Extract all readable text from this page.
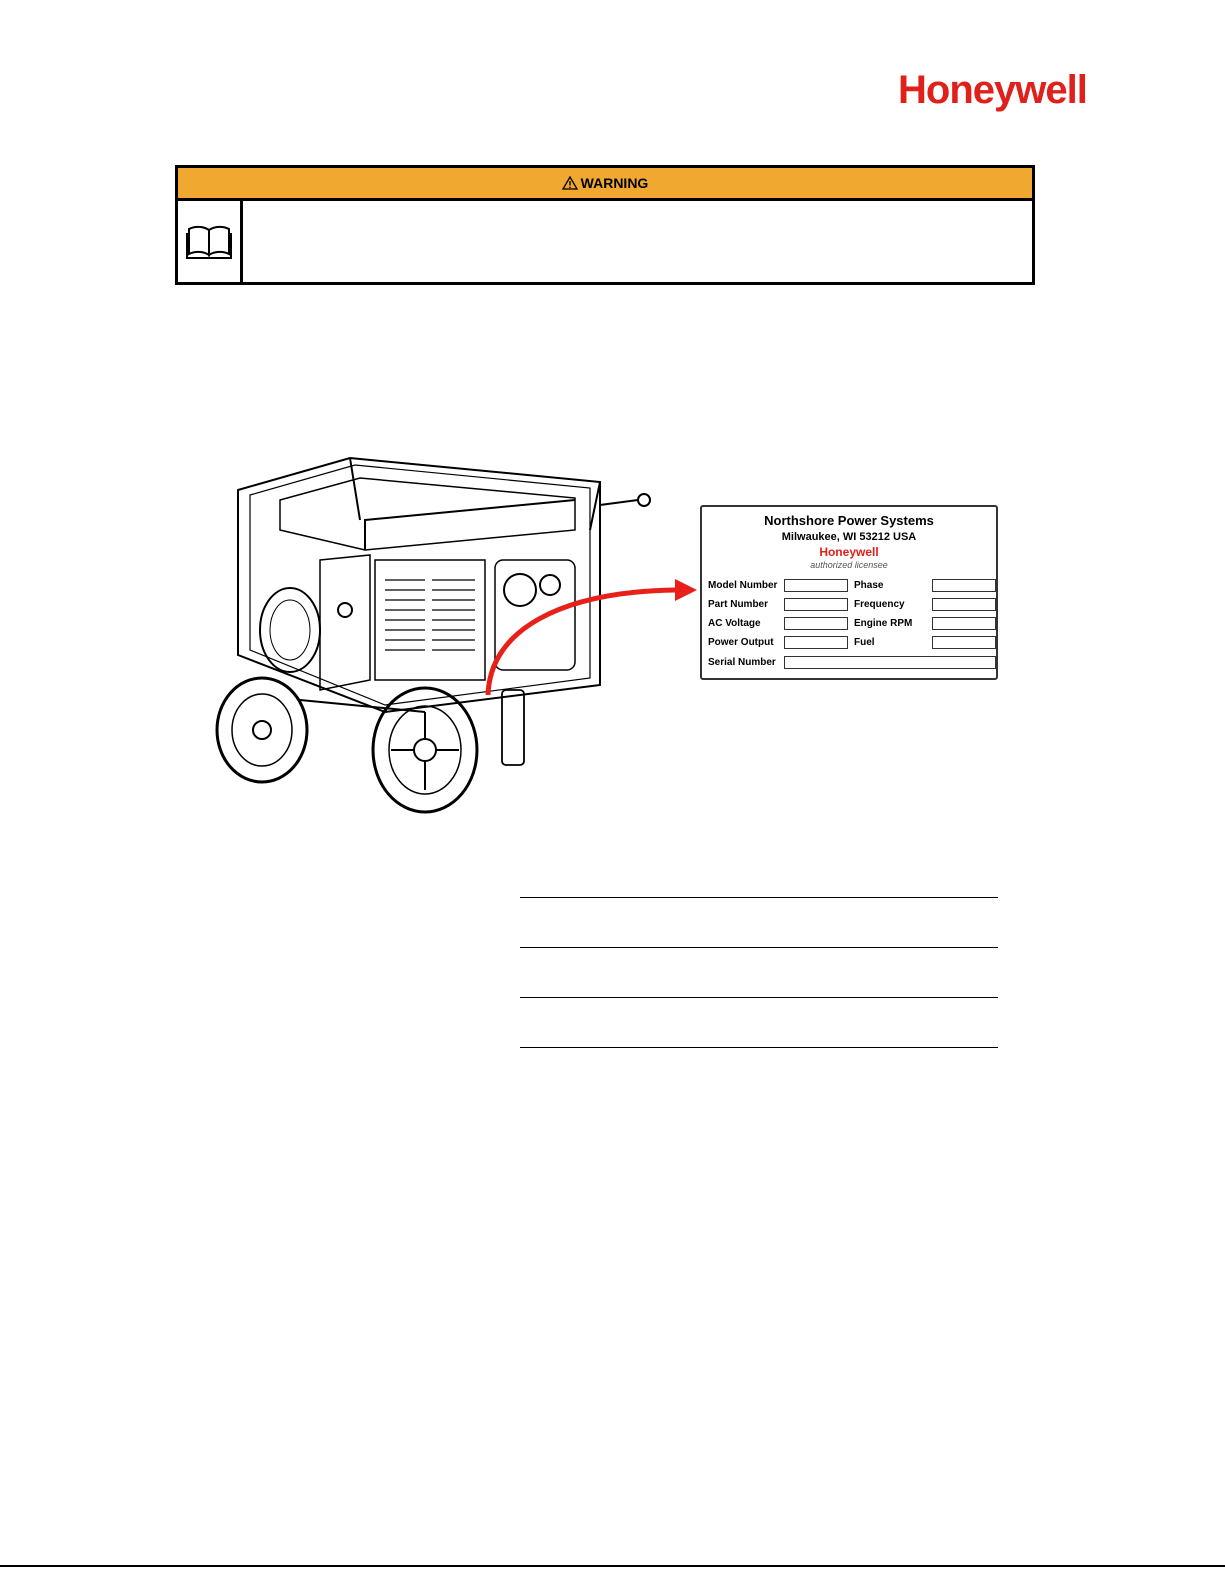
Honeywell
WARNING
Northshore Power Systems
Milwaukee, WI 53212 USA
Honeywell
authorized licensee
Model Number	Phase
Part Number	Frequency
AC Voltage	Engine RPM
Power Output	Fuel
Serial Number
